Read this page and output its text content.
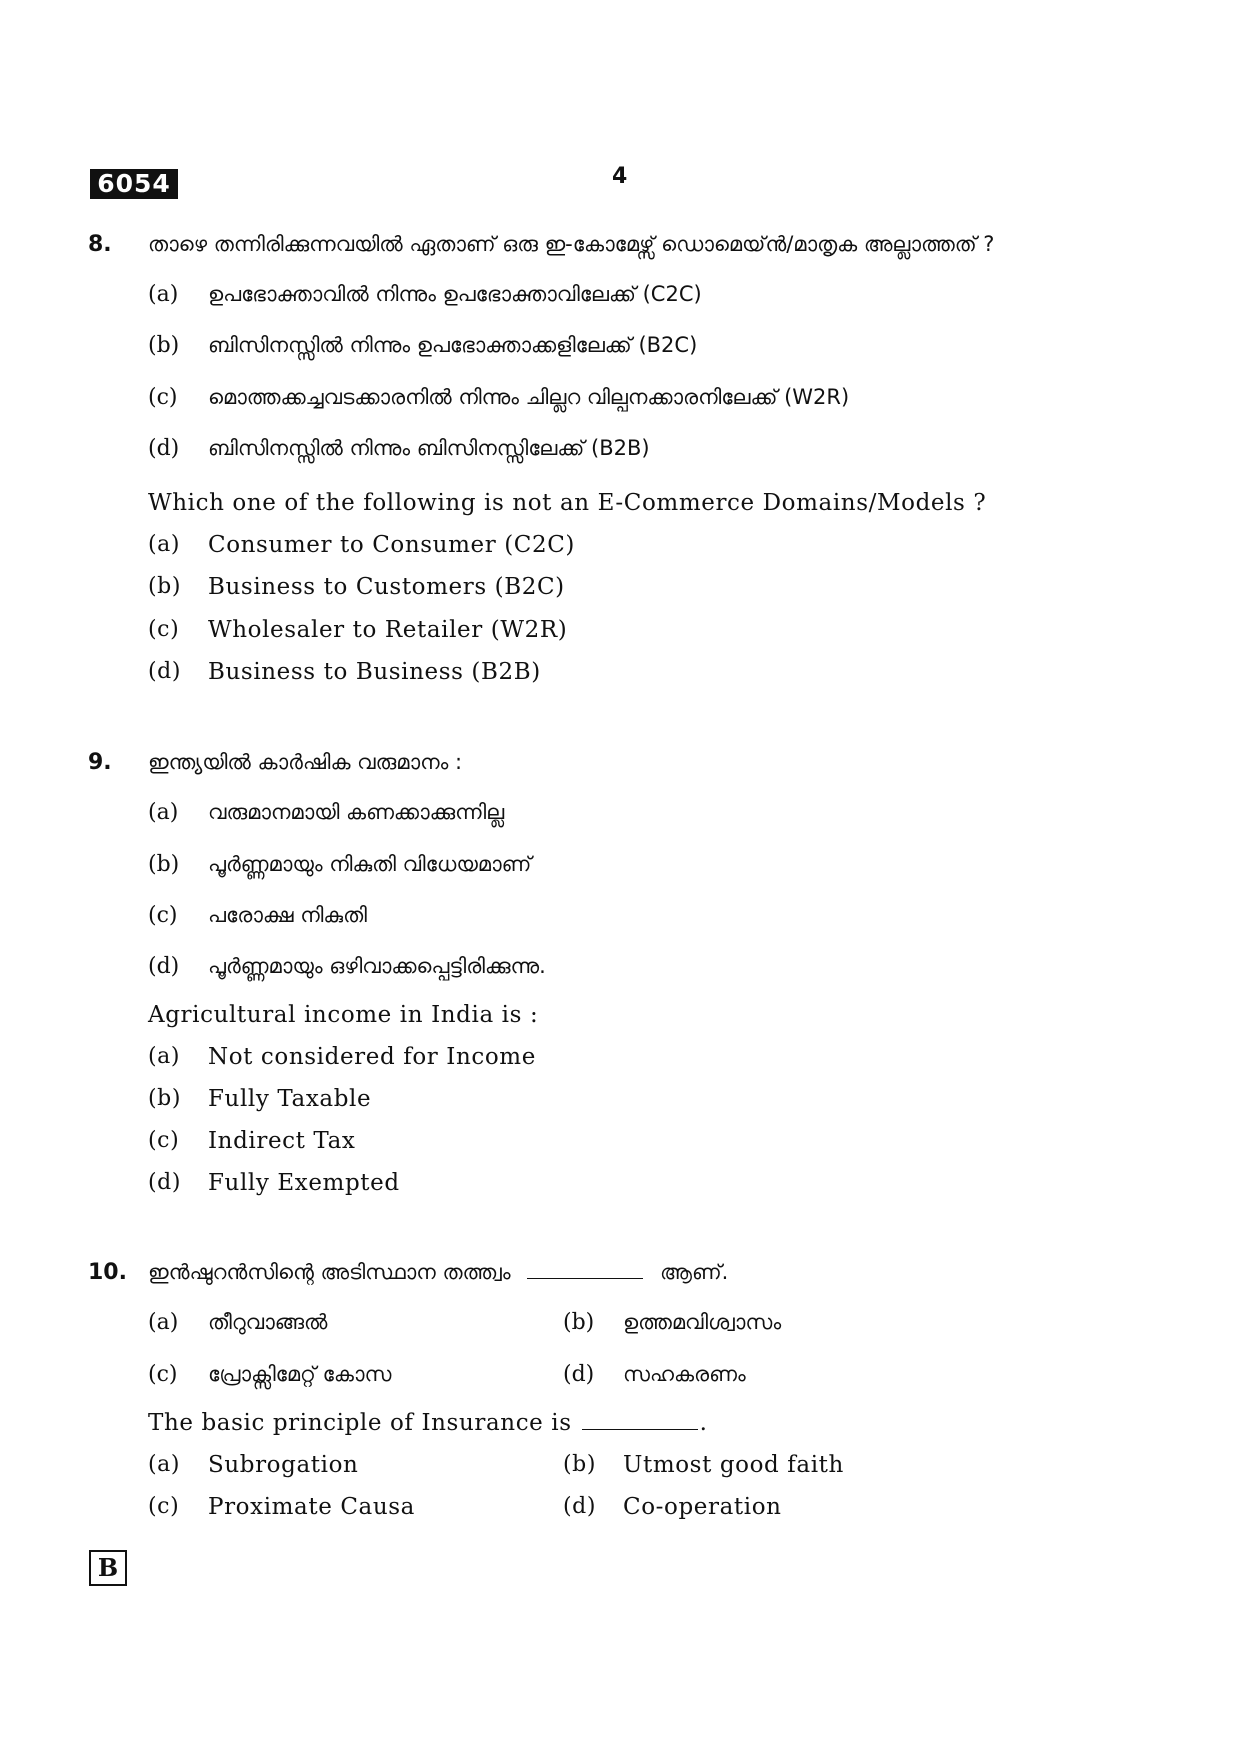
6054	4
8. താഴെ തന്നിരിക്കുന്നവയിൽ ഏതാണ് ഒരു ഇ-കോമേഴ്സ് ഡൊമെയ്ൻ/മാതൃക അല്ലാത്തത് ?
(a) ഉപഭോക്താവിൽ നിന്നും ഉപഭോക്താവിലേക്ക് (C2C)
(b) ബിസിനസ്സിൽ നിന്നും ഉപഭോക്താക്കളിലേക്ക് (B2C)
(c) മൊത്തക്കച്ചവടക്കാരനിൽ നിന്നും ചില്ലറ വില്പനക്കാരനിലേക്ക് (W2R)
(d) ബിസിനസ്സിൽ നിന്നും ബിസിനസ്സിലേക്ക് (B2B)
Which one of the following is not an E-Commerce Domains/Models ?
(a) Consumer to Consumer (C2C)
(b) Business to Customers (B2C)
(c) Wholesaler to Retailer (W2R)
(d) Business to Business (B2B)
9. ഇന്ത്യയിൽ കാർഷിക വരുമാനം :
(a) വരുമാനമായി കണക്കാക്കുന്നില്ല
(b) പൂർണ്ണമായും നികുതി വിധേയമാണ്
(c) പരോക്ഷ നികുതി
(d) പൂർണ്ണമായും ഒഴിവാക്കപ്പെട്ടിരിക്കുന്നു.
Agricultural income in India is :
(a) Not considered for Income
(b) Fully Taxable
(c) Indirect Tax
(d) Fully Exempted
10. ഇൻഷുറൻസിന്റെ അടിസ്ഥാന തത്ത്വം	ആണ്.
(a) തീറുവാങ്ങൽ	(b) ഉത്തമവിശ്വാസം
(c) പ്രോക്സിമേറ്റ് കോസ	(d) സഹകരണം
The basic principle of Insurance is	.
(a) Subrogation	(b) Utmost good faith
(c) Proximate Causa	(d) Co-operation
B
